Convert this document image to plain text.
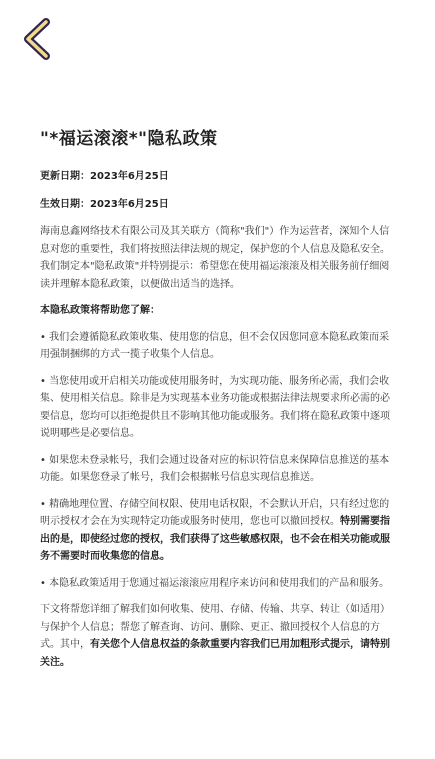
"*福运滚滚*"隐私政策
更新日期：2023年6月25日
生效日期：2023年6月25日

海南息鑫网络技术有限公司及其关联方（简称"我们"）作为运营者，深知个人信息对您的重要性，我们将按照法律法规的规定，保护您的个人信息及隐私安全。我们制定本"隐私政策"并特别提示：希望您在使用福运滚滚及相关服务前仔细阅读并理解本隐私政策，以便做出适当的选择。

本隐私政策将帮助您了解：

• 我们会遵循隐私政策收集、使用您的信息，但不会仅因您同意本隐私政策而采用强制捆绑的方式一揽子收集个人信息。

• 当您使用或开启相关功能或使用服务时，为实现功能、服务所必需，我们会收集、使用相关信息。除非是为实现基本业务功能或根据法律法规要求所必需的必要信息，您均可以拒绝提供且不影响其他功能或服务。我们将在隐私政策中逐项说明哪些是必要信息。

• 如果您未登录帐号，我们会通过设备对应的标识符信息来保障信息推送的基本功能。如果您登录了帐号，我们会根据帐号信息实现信息推送。

• 精确地理位置、存储空间权限、使用电话权限，不会默认开启，只有经过您的明示授权才会在为实现特定功能或服务时使用，您也可以撤回授权。特别需要指出的是，即使经过您的授权，我们获得了这些敏感权限，也不会在相关功能或服务不需要时而收集您的信息。

• 本隐私政策适用于您通过福运滚滚应用程序来访问和使用我们的产品和服务。

下文将帮您详细了解我们如何收集、使用、存储、传输、共享、转让（如适用）与保护个人信息；帮您了解查询、访问、删除、更正、撤回授权个人信息的方式。其中，有关您个人信息权益的条款重要内容我们已用加粗形式提示，请特别关注。
